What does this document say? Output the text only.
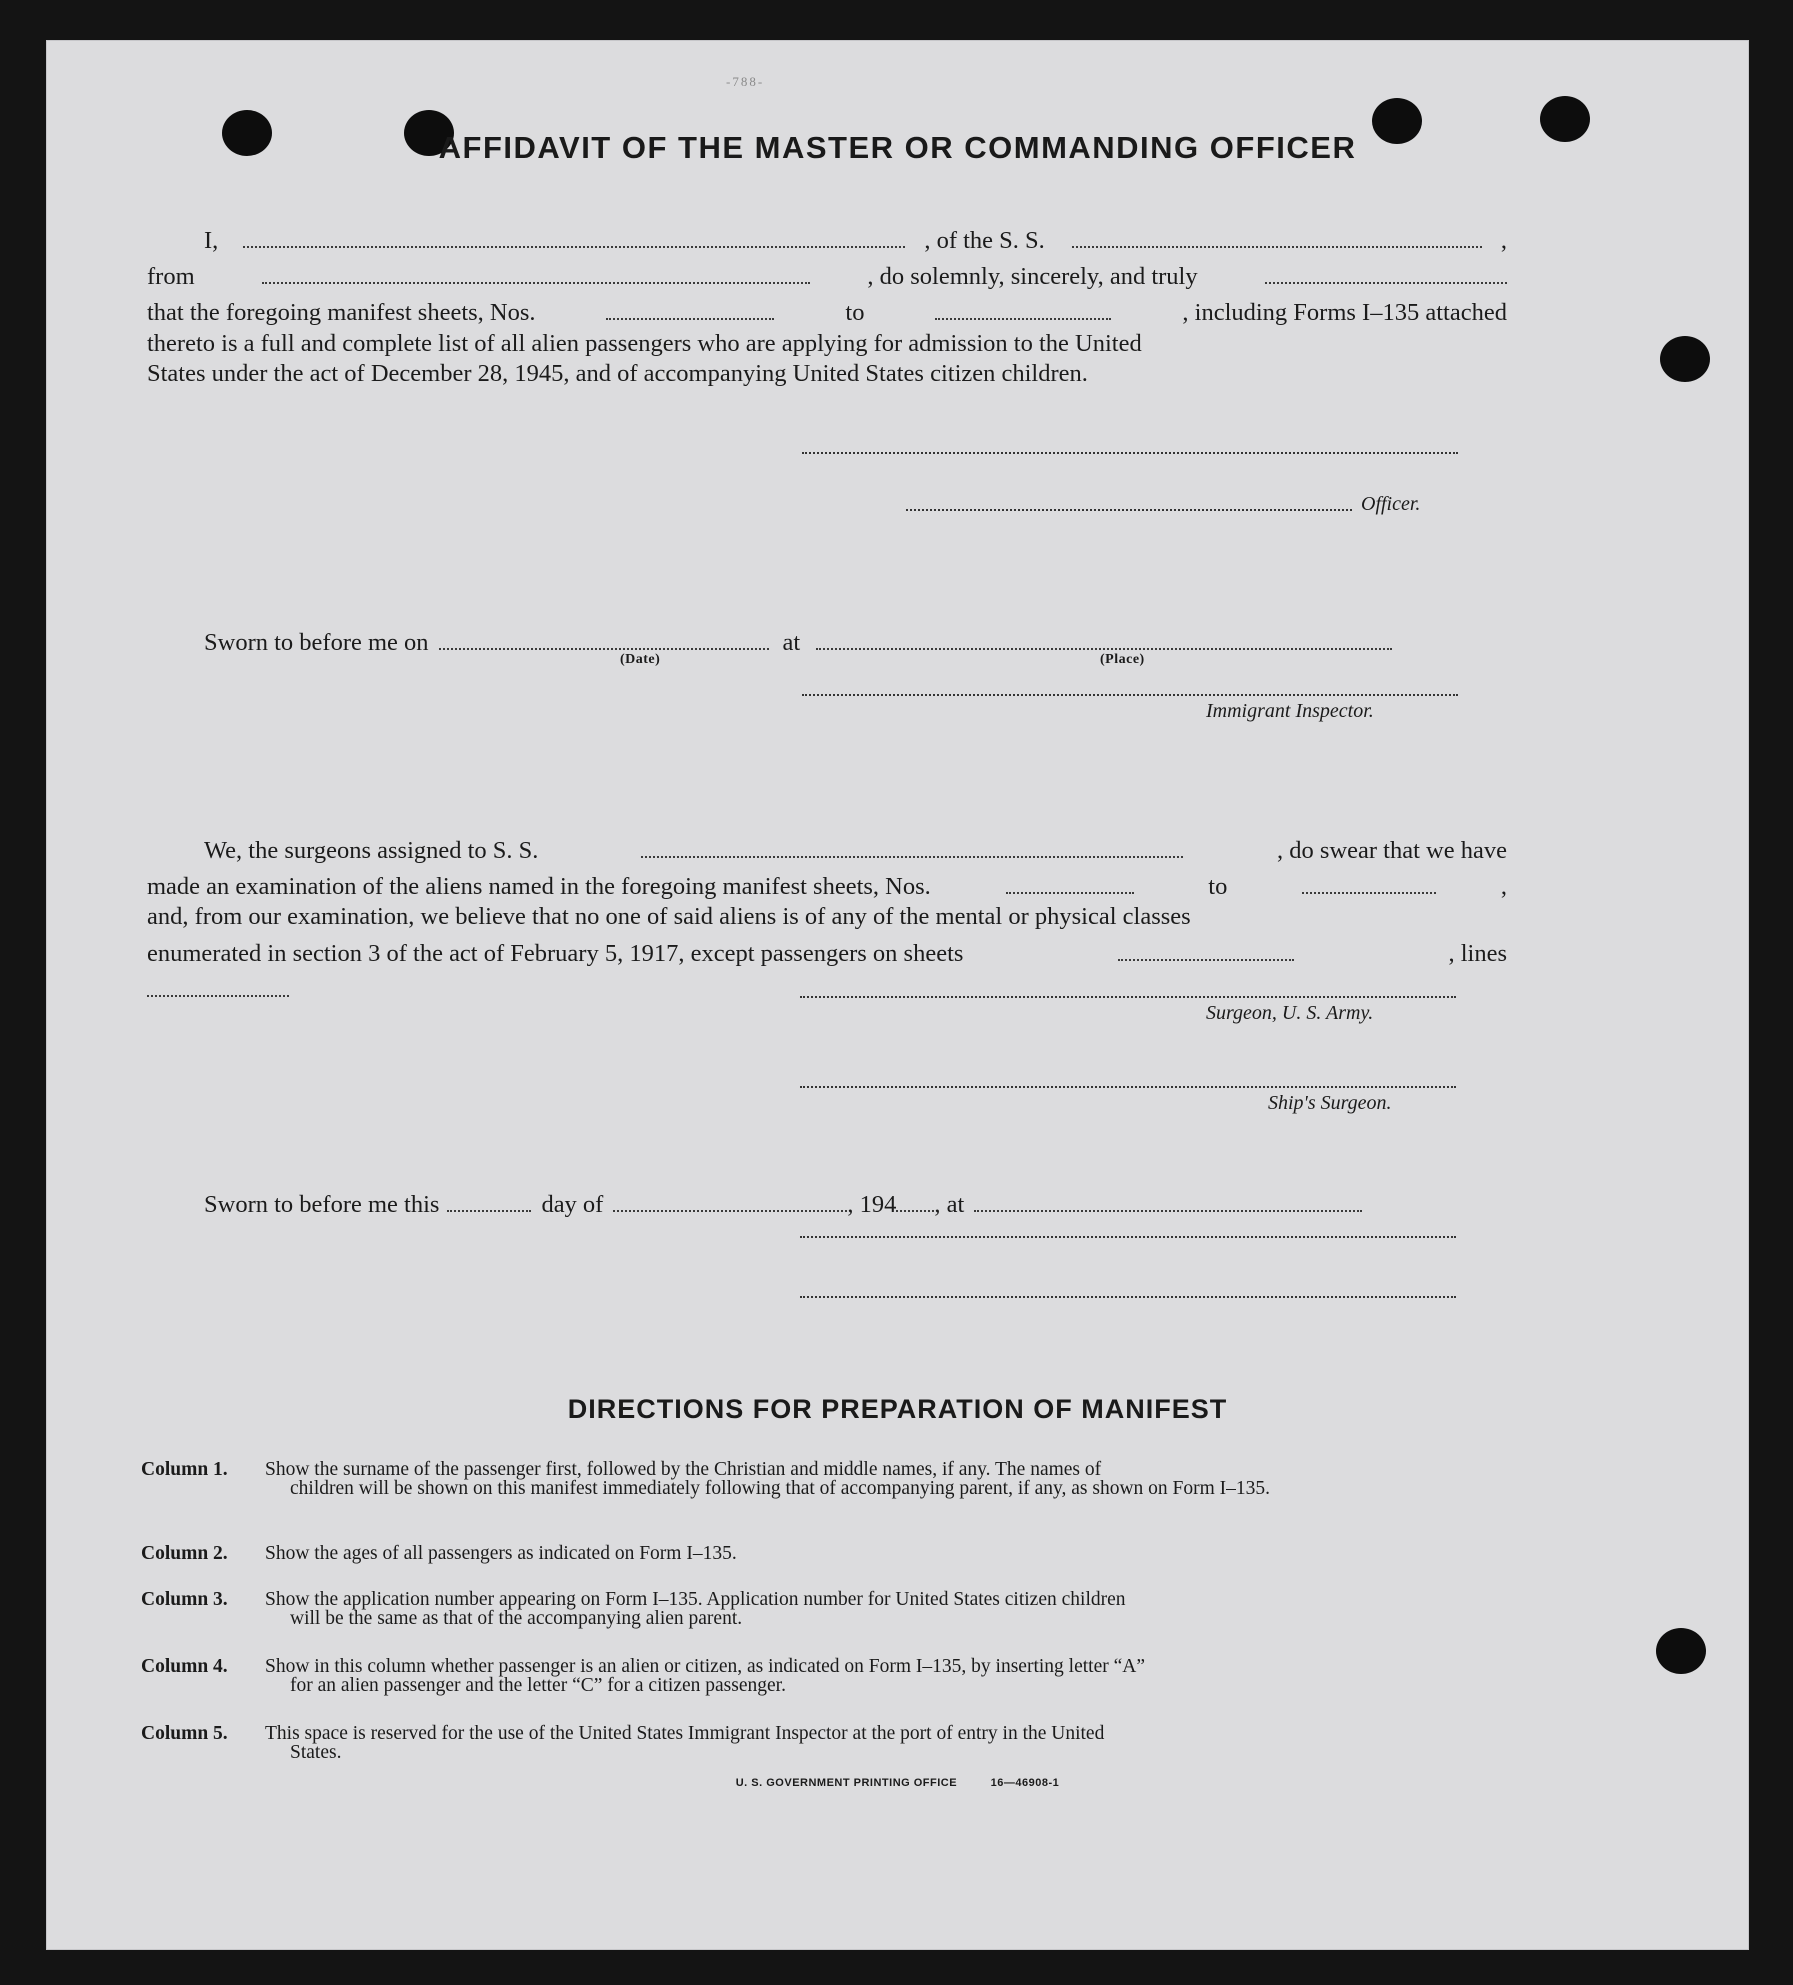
-788-
AFFIDAVIT OF THE MASTER OR COMMANDING OFFICER
I,	, of the S. S.	,
from	, do solemnly, sincerely, and truly
that the foregoing manifest sheets, Nos.	to	, including Forms I–135 attached
thereto is a full and complete list of all alien passengers who are applying for admission to the United
States under the act of December 28, 1945, and of accompanying United States citizen children.
Officer.
Sworn to before me on	at
(Date)	(Place)
Immigrant Inspector.
We, the surgeons assigned to S. S.	, do swear that we have
made an examination of the aliens named in the foregoing manifest sheets, Nos.	to	,
and, from our examination, we believe that no one of said aliens is of any of the mental or physical classes
enumerated in section 3 of the act of February 5, 1917, except passengers on sheets	, lines
Surgeon, U. S. Army.
Ship's Surgeon.
Sworn to before me this	day of	, 194 , at
DIRECTIONS FOR PREPARATION OF MANIFEST
Column 1.	Show the surname of the passenger first, followed by the Christian and middle names, if any. The names of
children will be shown on this manifest immediately following that of accompanying parent, if any, as shown on Form I–135.
Column 2.	Show the ages of all passengers as indicated on Form I–135.
Column 3.	Show the application number appearing on Form I–135. Application number for United States citizen children
will be the same as that of the accompanying alien parent.
Column 4.	Show in this column whether passenger is an alien or citizen, as indicated on Form I–135, by inserting letter “A”
for an alien passenger and the letter “C” for a citizen passenger.
Column 5.	This space is reserved for the use of the United States Immigrant Inspector at the port of entry in the United
States.
U. S. GOVERNMENT PRINTING OFFICE	16—46908-1
